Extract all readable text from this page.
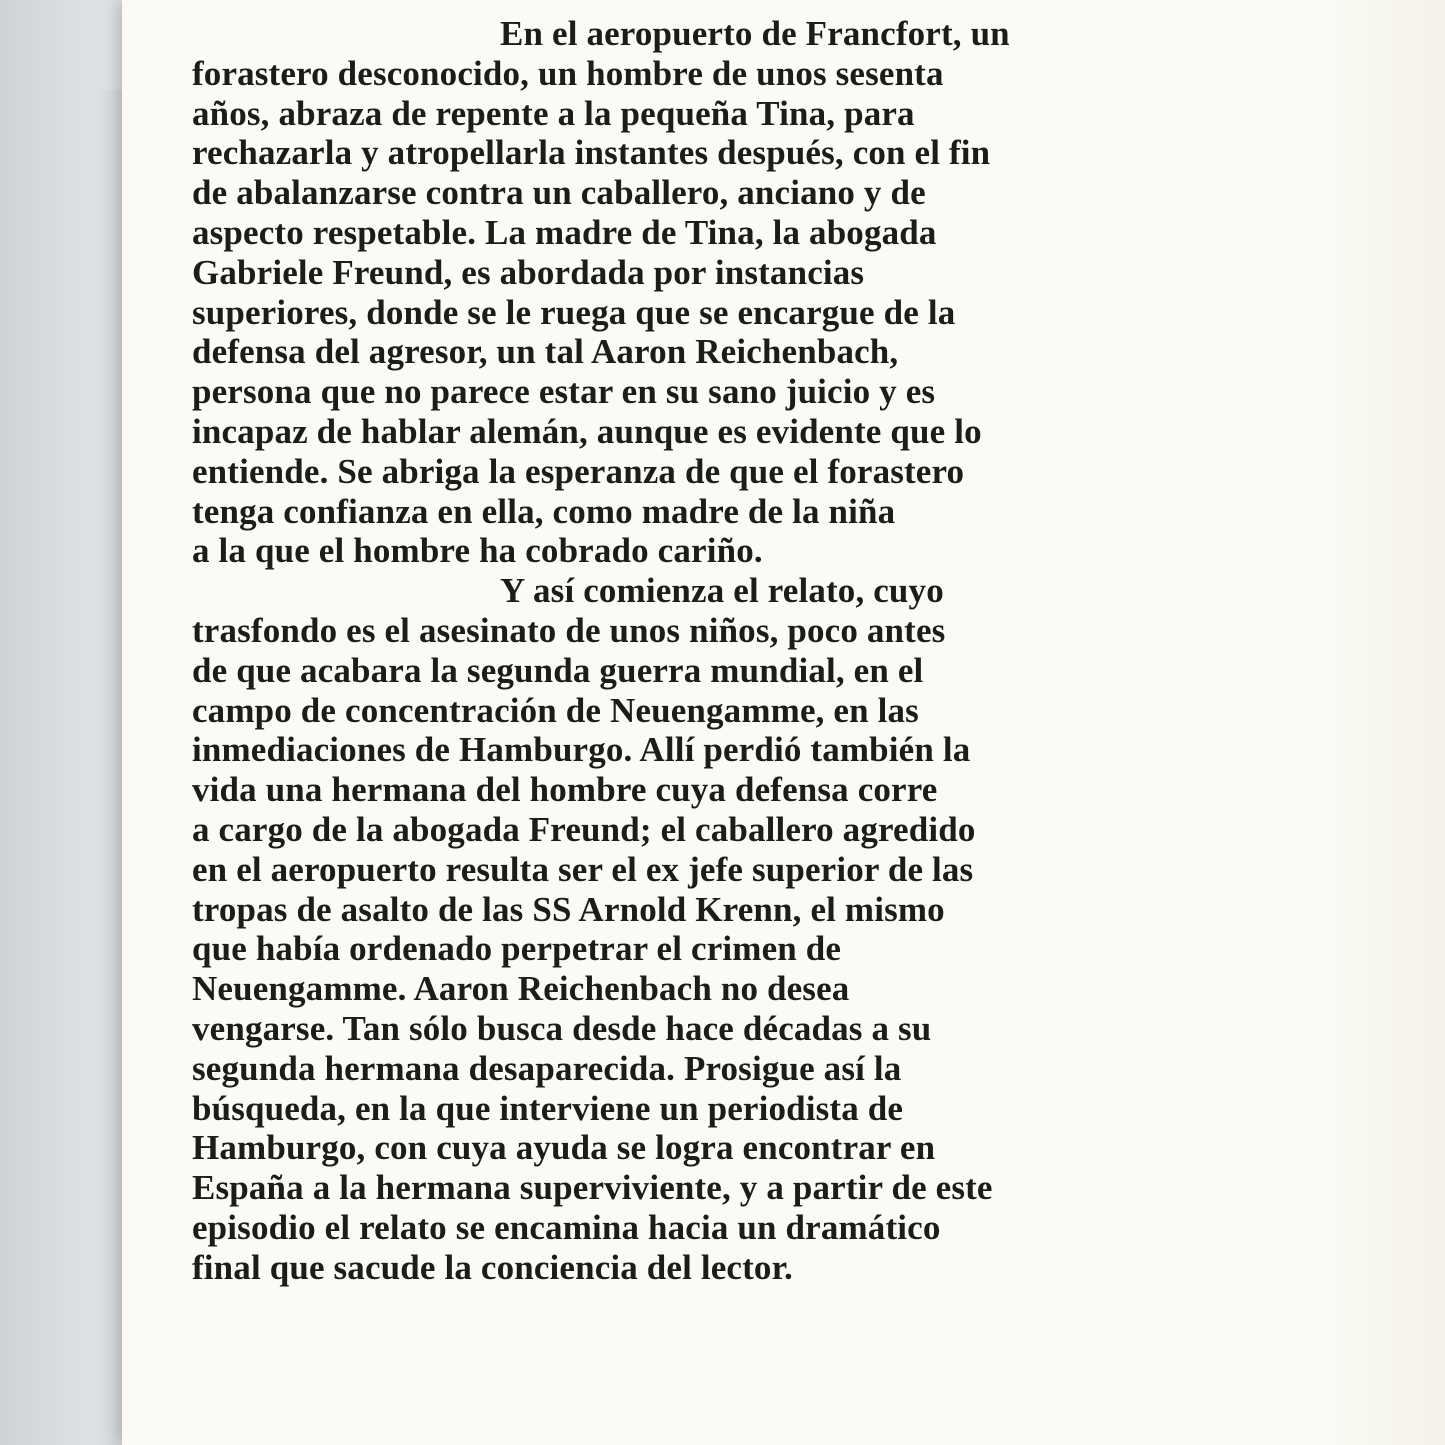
En el aeropuerto de Francfort, un
forastero desconocido, un hombre de unos sesenta
años, abraza de repente a la pequeña Tina, para
rechazarla y atropellarla instantes después, con el fin
de abalanzarse contra un caballero, anciano y de
aspecto respetable. La madre de Tina, la abogada
Gabriele Freund, es abordada por instancias
superiores, donde se le ruega que se encargue de la
defensa del agresor, un tal Aaron Reichenbach,
persona que no parece estar en su sano juicio y es
incapaz de hablar alemán, aunque es evidente que lo
entiende. Se abriga la esperanza de que el forastero
tenga confianza en ella, como madre de la niña
a la que el hombre ha cobrado cariño.
Y así comienza el relato, cuyo
trasfondo es el asesinato de unos niños, poco antes
de que acabara la segunda guerra mundial, en el
campo de concentración de Neuengamme, en las
inmediaciones de Hamburgo. Allí perdió también la
vida una hermana del hombre cuya defensa corre
a cargo de la abogada Freund; el caballero agredido
en el aeropuerto resulta ser el ex jefe superior de las
tropas de asalto de las SS Arnold Krenn, el mismo
que había ordenado perpetrar el crimen de
Neuengamme. Aaron Reichenbach no desea
vengarse. Tan sólo busca desde hace décadas a su
segunda hermana desaparecida. Prosigue así la
búsqueda, en la que interviene un periodista de
Hamburgo, con cuya ayuda se logra encontrar en
España a la hermana superviviente, y a partir de este
episodio el relato se encamina hacia un dramático
final que sacude la conciencia del lector.
